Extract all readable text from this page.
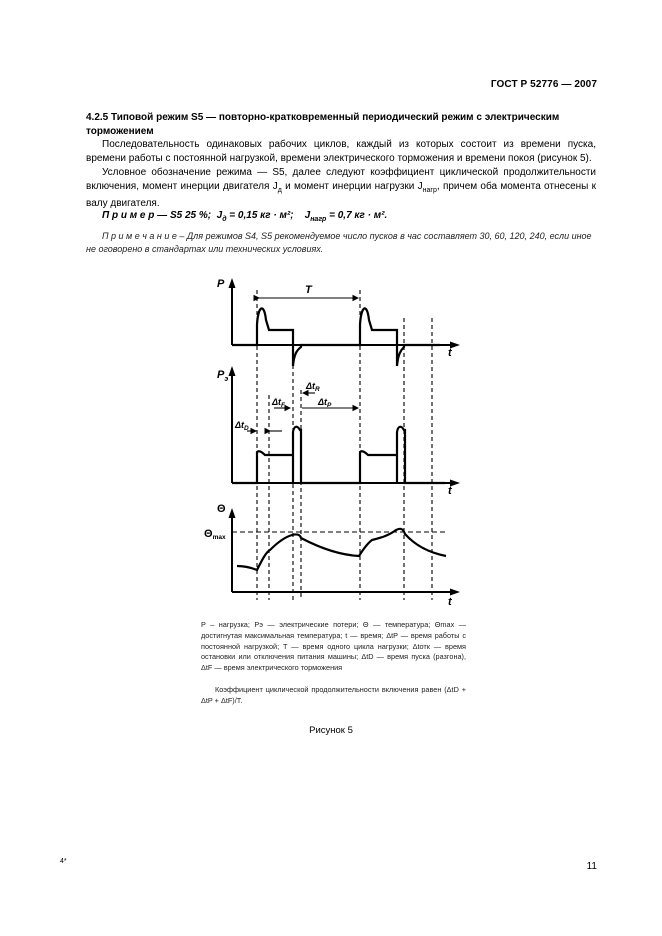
ГОСТ Р 52776 — 2007
4.2.5 Типовой режим S5 — повторно-кратковременный периодический режим с электрическим торможением
Последовательность одинаковых рабочих циклов, каждый из которых состоит из времени пуска, времени работы с постоянной нагрузкой, времени электрического торможения и времени покоя (рисунок 5).
Условное обозначение режима — S5, далее следуют коэффициент циклической продолжительности включения, момент инерции двигателя $J_д$ и момент инерции нагрузки $J_{нагр}$, причем оба момента отнесены к валу двигателя.
П р и м е р — S5 25 %;  $J_д = 0,15$ кг · м²;    $J_{нагр} = 0,7$ кг · м².
П р и м е ч а н и е – Для режимов S4, S5 рекомендуемое число пусков в час составляет 30, 60, 120, 240, если иное не оговорено в стандартах или технических условиях.
P
$P_э$
Θ
Θmax
t
t
t
T
$\Delta t_R$
$\Delta t_F$	$\Delta t_P$
$\Delta t_D$
P – нагрузка; Pэ — электрические потери; Θ — температура; Θmax — достигнутая максимальная температура; t — время; ΔtP — время работы с постоянной нагрузкой; T — время одного цикла нагрузки; Δtотк — время остановки или отключения питания машины; ΔtD — время пуска (разгона), ΔtF — время электрического торможения
Коэффициент циклической продолжительности включения равен (ΔtD + ΔtP + ΔtF)/T.
Рисунок 5
4*	11
